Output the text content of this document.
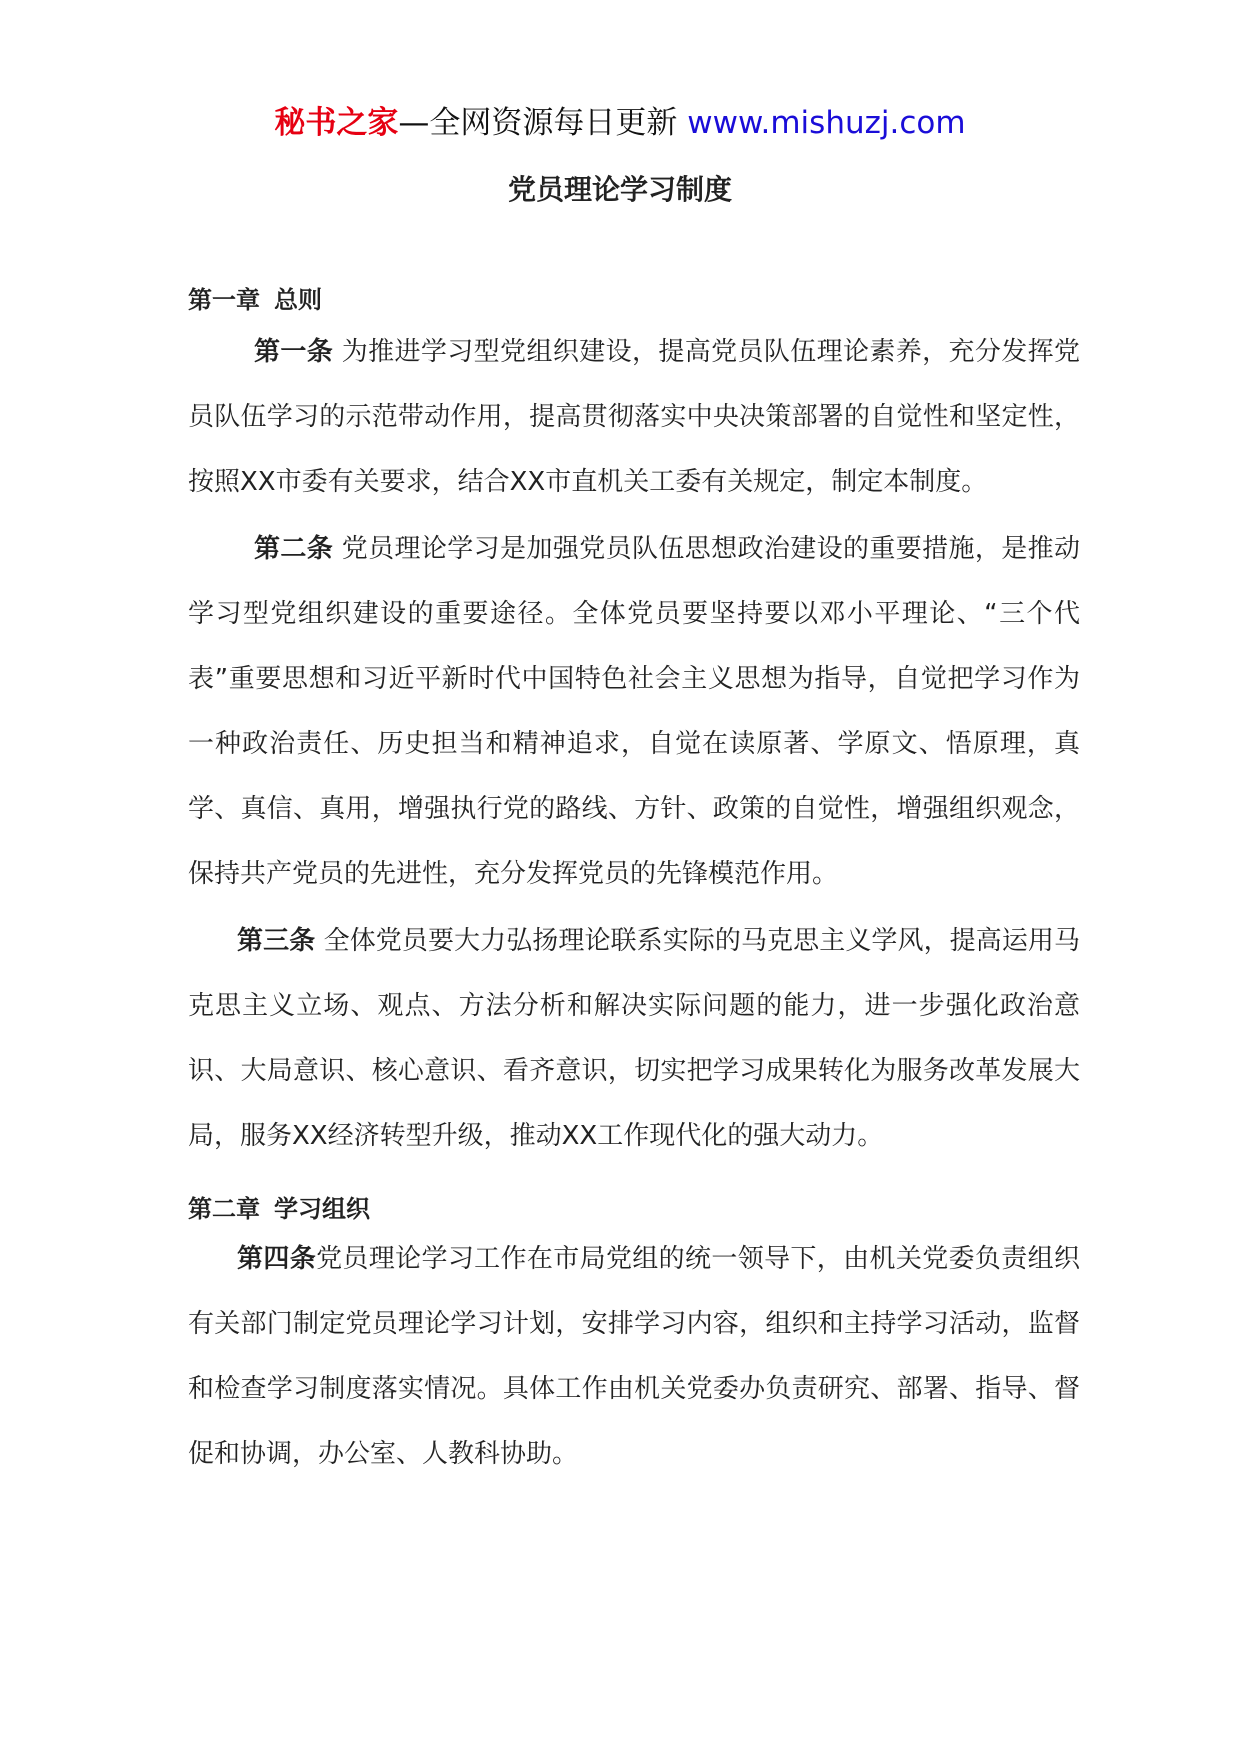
秘书之家—全网资源每日更新 www.mishuzj.com
党员理论学习制度

第一章 总则

第一条 为推进学习型党组织建设，提高党员队伍理论素养，充分发挥党员队伍学习的示范带动作用，提高贯彻落实中央决策部署的自觉性和坚定性，按照XX市委有关要求，结合XX市直机关工委有关规定，制定本制度。

第二条 党员理论学习是加强党员队伍思想政治建设的重要措施，是推动学习型党组织建设的重要途径。全体党员要坚持要以邓小平理论、“三个代表”重要思想和习近平新时代中国特色社会主义思想为指导，自觉把学习作为一种政治责任、历史担当和精神追求，自觉在读原著、学原文、悟原理，真学、真信、真用，增强执行党的路线、方针、政策的自觉性，增强组织观念，保持共产党员的先进性，充分发挥党员的先锋模范作用。

第三条 全体党员要大力弘扬理论联系实际的马克思主义学风，提高运用马克思主义立场、观点、方法分析和解决实际问题的能力，进一步强化政治意识、大局意识、核心意识、看齐意识，切实把学习成果转化为服务改革发展大局，服务XX经济转型升级，推动XX工作现代化的强大动力。

第二章 学习组织

第四条党员理论学习工作在市局党组的统一领导下，由机关党委负责组织有关部门制定党员理论学习计划，安排学习内容，组织和主持学习活动，监督和检查学习制度落实情况。具体工作由机关党委办负责研究、部署、指导、督促和协调，办公室、人教科协助。
